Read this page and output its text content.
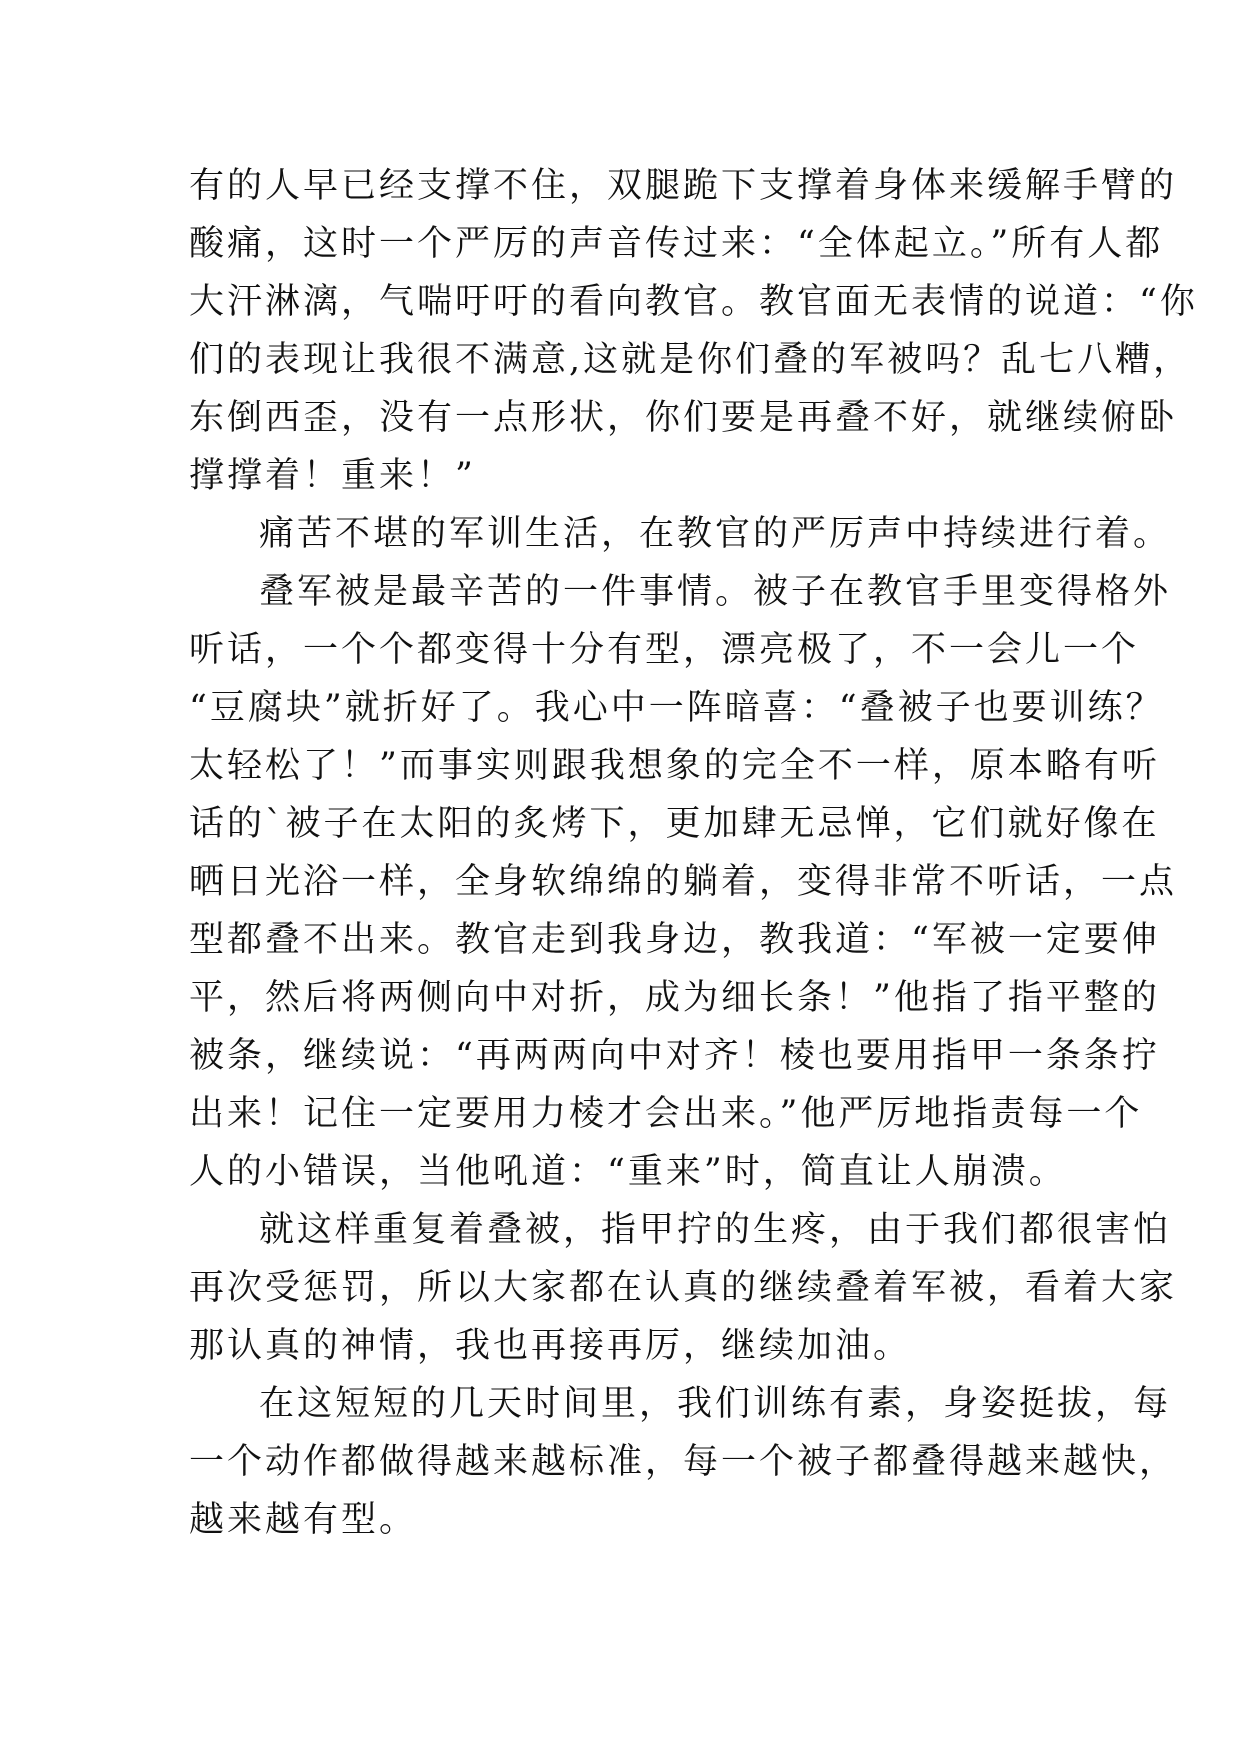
有的人早已经支撑不住，双腿跪下支撑着身体来缓解手臂的
酸痛，这时一个严厉的声音传过来：“全体起立。”所有人都
大汗淋漓，气喘吁吁的看向教官。教官面无表情的说道：“你
们的表现让我很不满意,这就是你们叠的军被吗？乱七八糟，
东倒西歪，没有一点形状，你们要是再叠不好，就继续俯卧
撑撑着！重来！”
痛苦不堪的军训生活，在教官的严厉声中持续进行着。
叠军被是最辛苦的一件事情。被子在教官手里变得格外
听话，一个个都变得十分有型，漂亮极了，不一会儿一个
“豆腐块”就折好了。我心中一阵暗喜：“叠被子也要训练？
太轻松了！”而事实则跟我想象的完全不一样，原本略有听
话的`被子在太阳的炙烤下，更加肆无忌惮，它们就好像在
晒日光浴一样，全身软绵绵的躺着，变得非常不听话，一点
型都叠不出来。教官走到我身边，教我道：“军被一定要伸
平，然后将两侧向中对折，成为细长条！”他指了指平整的
被条，继续说：“再两两向中对齐！棱也要用指甲一条条拧
出来！记住一定要用力棱才会出来。”他严厉地指责每一个
人的小错误，当他吼道：“重来”时，简直让人崩溃。
就这样重复着叠被，指甲拧的生疼，由于我们都很害怕
再次受惩罚，所以大家都在认真的继续叠着军被，看着大家
那认真的神情，我也再接再厉，继续加油。
在这短短的几天时间里，我们训练有素，身姿挺拔，每
一个动作都做得越来越标准，每一个被子都叠得越来越快，
越来越有型。
